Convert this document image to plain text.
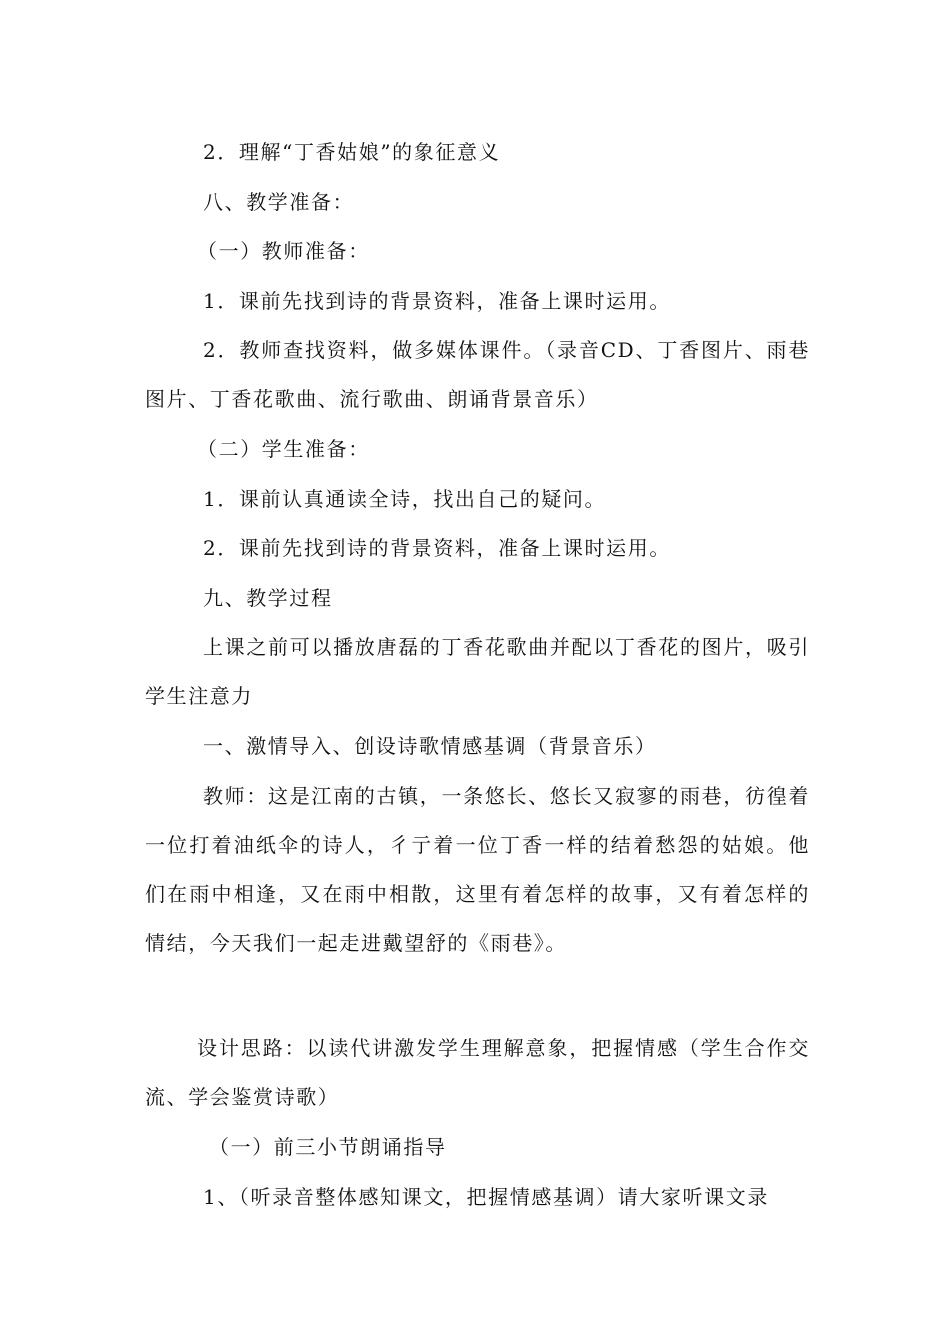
2．理解“丁香姑娘”的象征意义

八、教学准备：

（一）教师准备：

1．课前先找到诗的背景资料，准备上课时运用。

2．教师查找资料，做多媒体课件。（录音CD、丁香图片、雨巷图片、丁香花歌曲、流行歌曲、朗诵背景音乐）

（二）学生准备：

1．课前认真通读全诗，找出自己的疑问。

2．课前先找到诗的背景资料，准备上课时运用。

九、教学过程

上课之前可以播放唐磊的丁香花歌曲并配以丁香花的图片，吸引学生注意力

一、激情导入、创设诗歌情感基调（背景音乐）

教师：这是江南的古镇，一条悠长、悠长又寂寥的雨巷，彷徨着一位打着油纸伞的诗人，彳亍着一位丁香一样的结着愁怨的姑娘。他们在雨中相逢，又在雨中相散，这里有着怎样的故事，又有着怎样的情结，今天我们一起走进戴望舒的《雨巷》。

设计思路：以读代讲激发学生理解意象，把握情感（学生合作交流、学会鉴赏诗歌）

（一）前三小节朗诵指导

1、（听录音整体感知课文，把握情感基调）请大家听课文录
